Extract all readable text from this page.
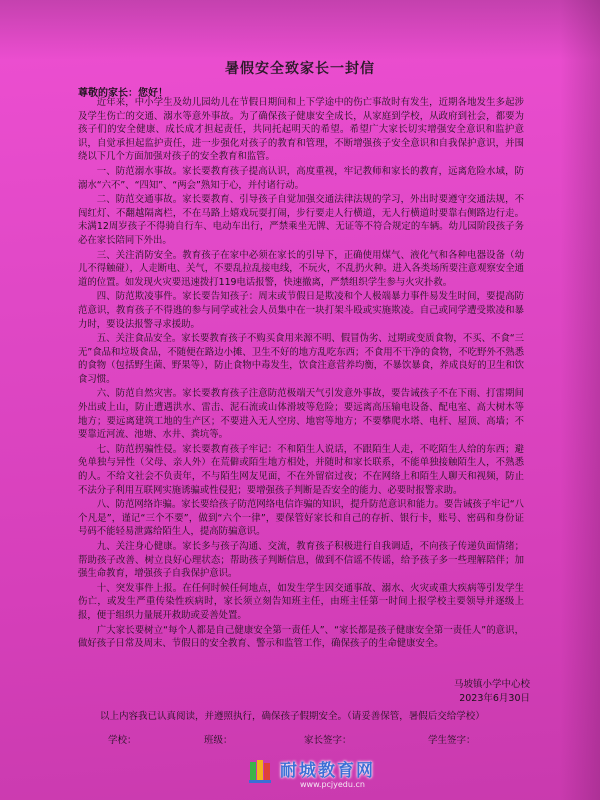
暑假安全致家长一封信
尊敬的家长：您好！

近年来，中小学生及幼儿园幼儿在节假日期间和上下学途中的伤亡事故时有发生，近期各地发生多起涉及学生伤亡的交通、溺水等意外事故。为了确保孩子健康安全成长，从家庭到学校，从政府到社会，都要为孩子们的安全健康、成长成才担起责任，共同托起明天的希望。希望广大家长切实增强安全意识和监护意识，自觉承担起监护责任，进一步强化对孩子的教育和管理，不断增强孩子安全意识和自我保护意识，并围绕以下几个方面加强对孩子的安全教育和监管。

一、防范溺水事故。家长要教育孩子提高认识，高度重视，牢记教师和家长的教育，远离危险水域，防溺水“六不”、“四知”、“两会”熟知于心，并付诸行动。

二、防范交通事故。家长要教育、引导孩子自觉加强交通法律法规的学习，外出时要遵守交通法规，不闯红灯、不翻越隔离栏，不在马路上嬉戏玩耍打闹，步行要走人行横道，无人行横道时要靠右侧路边行走。未满12周岁孩子不得骑自行车、电动车出行，严禁乘坐无牌、无证等不符合规定的车辆。幼儿园阶段孩子务必在家长陪同下外出。

三、关注消防安全。教育孩子在家中必须在家长的引导下，正确使用煤气、液化气和各种电器设备（幼儿不得触碰），人走断电、关气，不要乱拉乱接电线，不玩火，不乱扔火种。进入各类场所要注意观察安全通道的位置。如发现火灾要迅速拨打119电话报警，快速撤离，严禁组织学生参与火灾扑救。

四、防范欺凌事件。家长要告知孩子：周末或节假日是欺凌和个人极端暴力事件易发生时间，要提高防范意识，教育孩子不得逃的参与同学或社会人员集中在一块打架斗殴或实施欺凌。自己或同学遭受欺凌和暴力时，要设法报警寻求援助。

五、关注食品安全。家长要教育孩子不购买食用来源不明、假冒伪劣、过期或变质食物，不买、不食“三无”食品和垃圾食品，不随便在路边小摊、卫生不好的地方乱吃东西；不食用不干净的食物，不吃野外不熟悉的食物（包括野生菌、野果等），防止食物中毒发生，饮食注意营养均衡，不暴饮暴食，养成良好的卫生和饮食习惯。

六、防范自然灾害。家长要教育孩子注意防范极端天气引发意外事故，要告诫孩子不在下雨、打雷期间外出或上山，防止遭遇洪水、雷击、泥石流或山体滑坡等危险；要远离高压输电设备、配电室、高大树木等地方；要远离建筑工地的生产区；不要进入无人空房、地窖等地方；不要攀爬水塔、电杆、屋顶、高墙；不要靠近河流、池塘、水井、粪坑等。

七、防范拐骗性侵。家长要教育孩子牢记：不和陌生人说话，不跟陌生人走，不吃陌生人给的东西；避免单独与异性（父母、亲人外）在荒僻或陌生地方相处，并随时和家长联系，不能单独接触陌生人，不熟悉的人。不给文社会不负责年，不与陌生网友见面，不在外留宿过夜；不在网络上和陌生人聊天和视频，防止不法分子利用互联网实施诱骗或性侵犯；要增强孩子判断是否安全的能力、必要时报警求助。

八、防范网络诈骗。家长要给孩子防范网络电信诈骗的知识，提升防范意识和能力。要告诫孩子牢记“八个凡是”，谨记“三个不要”，做到“六个一律”，要保管好家长和自己的存折、银行卡，账号、密码和身份证号码不能轻易泄露给陌生人，提高防骗意识。

九、关注身心健康。家长多与孩子沟通、交流，教育孩子积极进行自我调适，不向孩子传递负面情绪；帮助孩子改善、树立良好心理状态；帮助孩子判断信息，做到不信谣不传谣，给予孩子多一些理解陪伴；加强生命教育，增强孩子自我保护意识。

十、突发事件上报。在任何时候任何地点，如发生学生因交通事故、溺水、火灾或重大疾病等引发学生伤亡，或发生严重传染性疾病时，家长须立刻告知班主任，由班主任第一时间上报学校主要领导并逐级上报，便于组织力量展开救助或妥善处置。

广大家长要树立“每个人都是自己健康安全第一责任人”、“家长都是孩子健康安全第一责任人”的意识，做好孩子日常及周末、节假日的安全教育、警示和监管工作，确保孩子的生命健康安全。

马坡镇小学中心校
2023年6月30日
以上内容我已认真阅读，并遵照执行，确保孩子假期安全。（请妥善保管，暑假后交给学校）
学校：	班级：	家长签字：	学生签字：
耐城教育网
www.pcjyedu.cn
